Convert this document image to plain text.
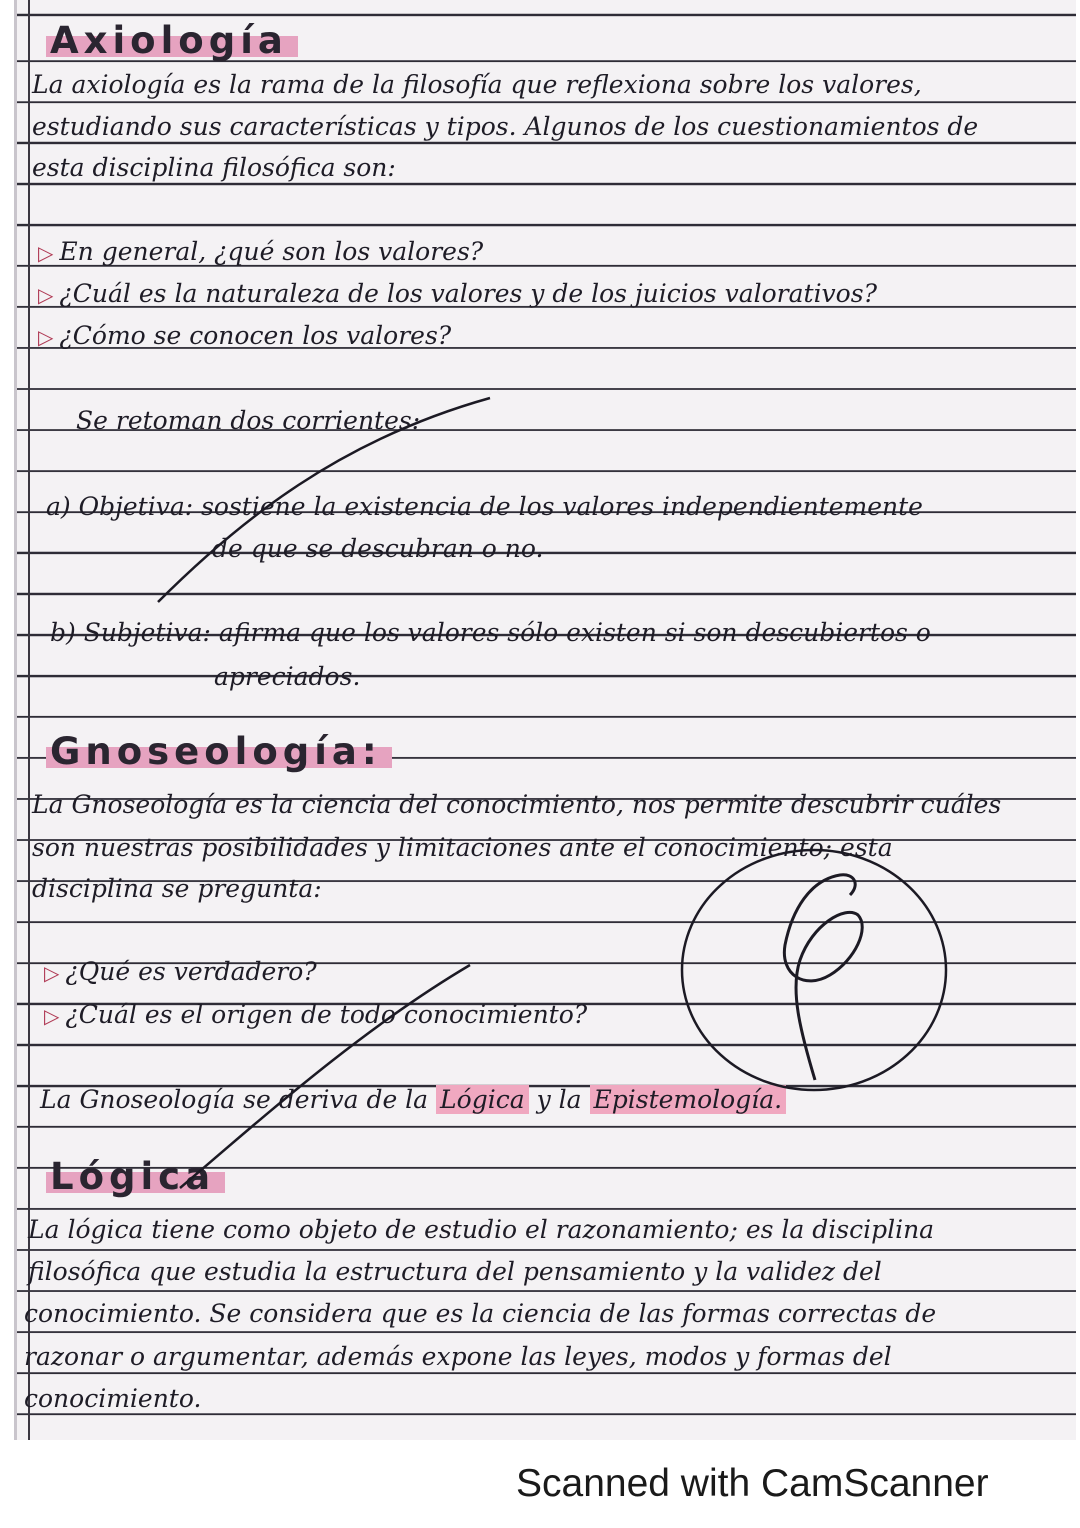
Axiología
La axiología es la rama de la filosofía que reflexiona sobre los valores,
estudiando sus características y tipos. Algunos de los cuestionamientos de
esta disciplina filosófica son:
▷ En general, ¿qué son los valores?
▷ ¿Cuál es la naturaleza de los valores y de los juicios valorativos?
▷ ¿Cómo se conocen los valores?
Se retoman dos corrientes:
a) Objetiva: sostiene la existencia de los valores independientemente
de que se descubran o no.
b) Subjetiva: afirma que los valores sólo existen si son descubiertos o
apreciados.
Gnoseología:
La Gnoseología es la ciencia del conocimiento, nos permite descubrir cuáles
son nuestras posibilidades y limitaciones ante el conocimiento; esta
disciplina se pregunta:
▷ ¿Qué es verdadero?
▷ ¿Cuál es el origen de todo conocimiento?
La Gnoseología se deriva de la Lógica y la Epistemología.
Lógica
La lógica tiene como objeto de estudio el razonamiento; es la disciplina
filosófica que estudia la estructura del pensamiento y la validez del
conocimiento. Se considera que es la ciencia de las formas correctas de
razonar o argumentar, además expone las leyes, modos y formas del
conocimiento.
Scanned with CamScanner
